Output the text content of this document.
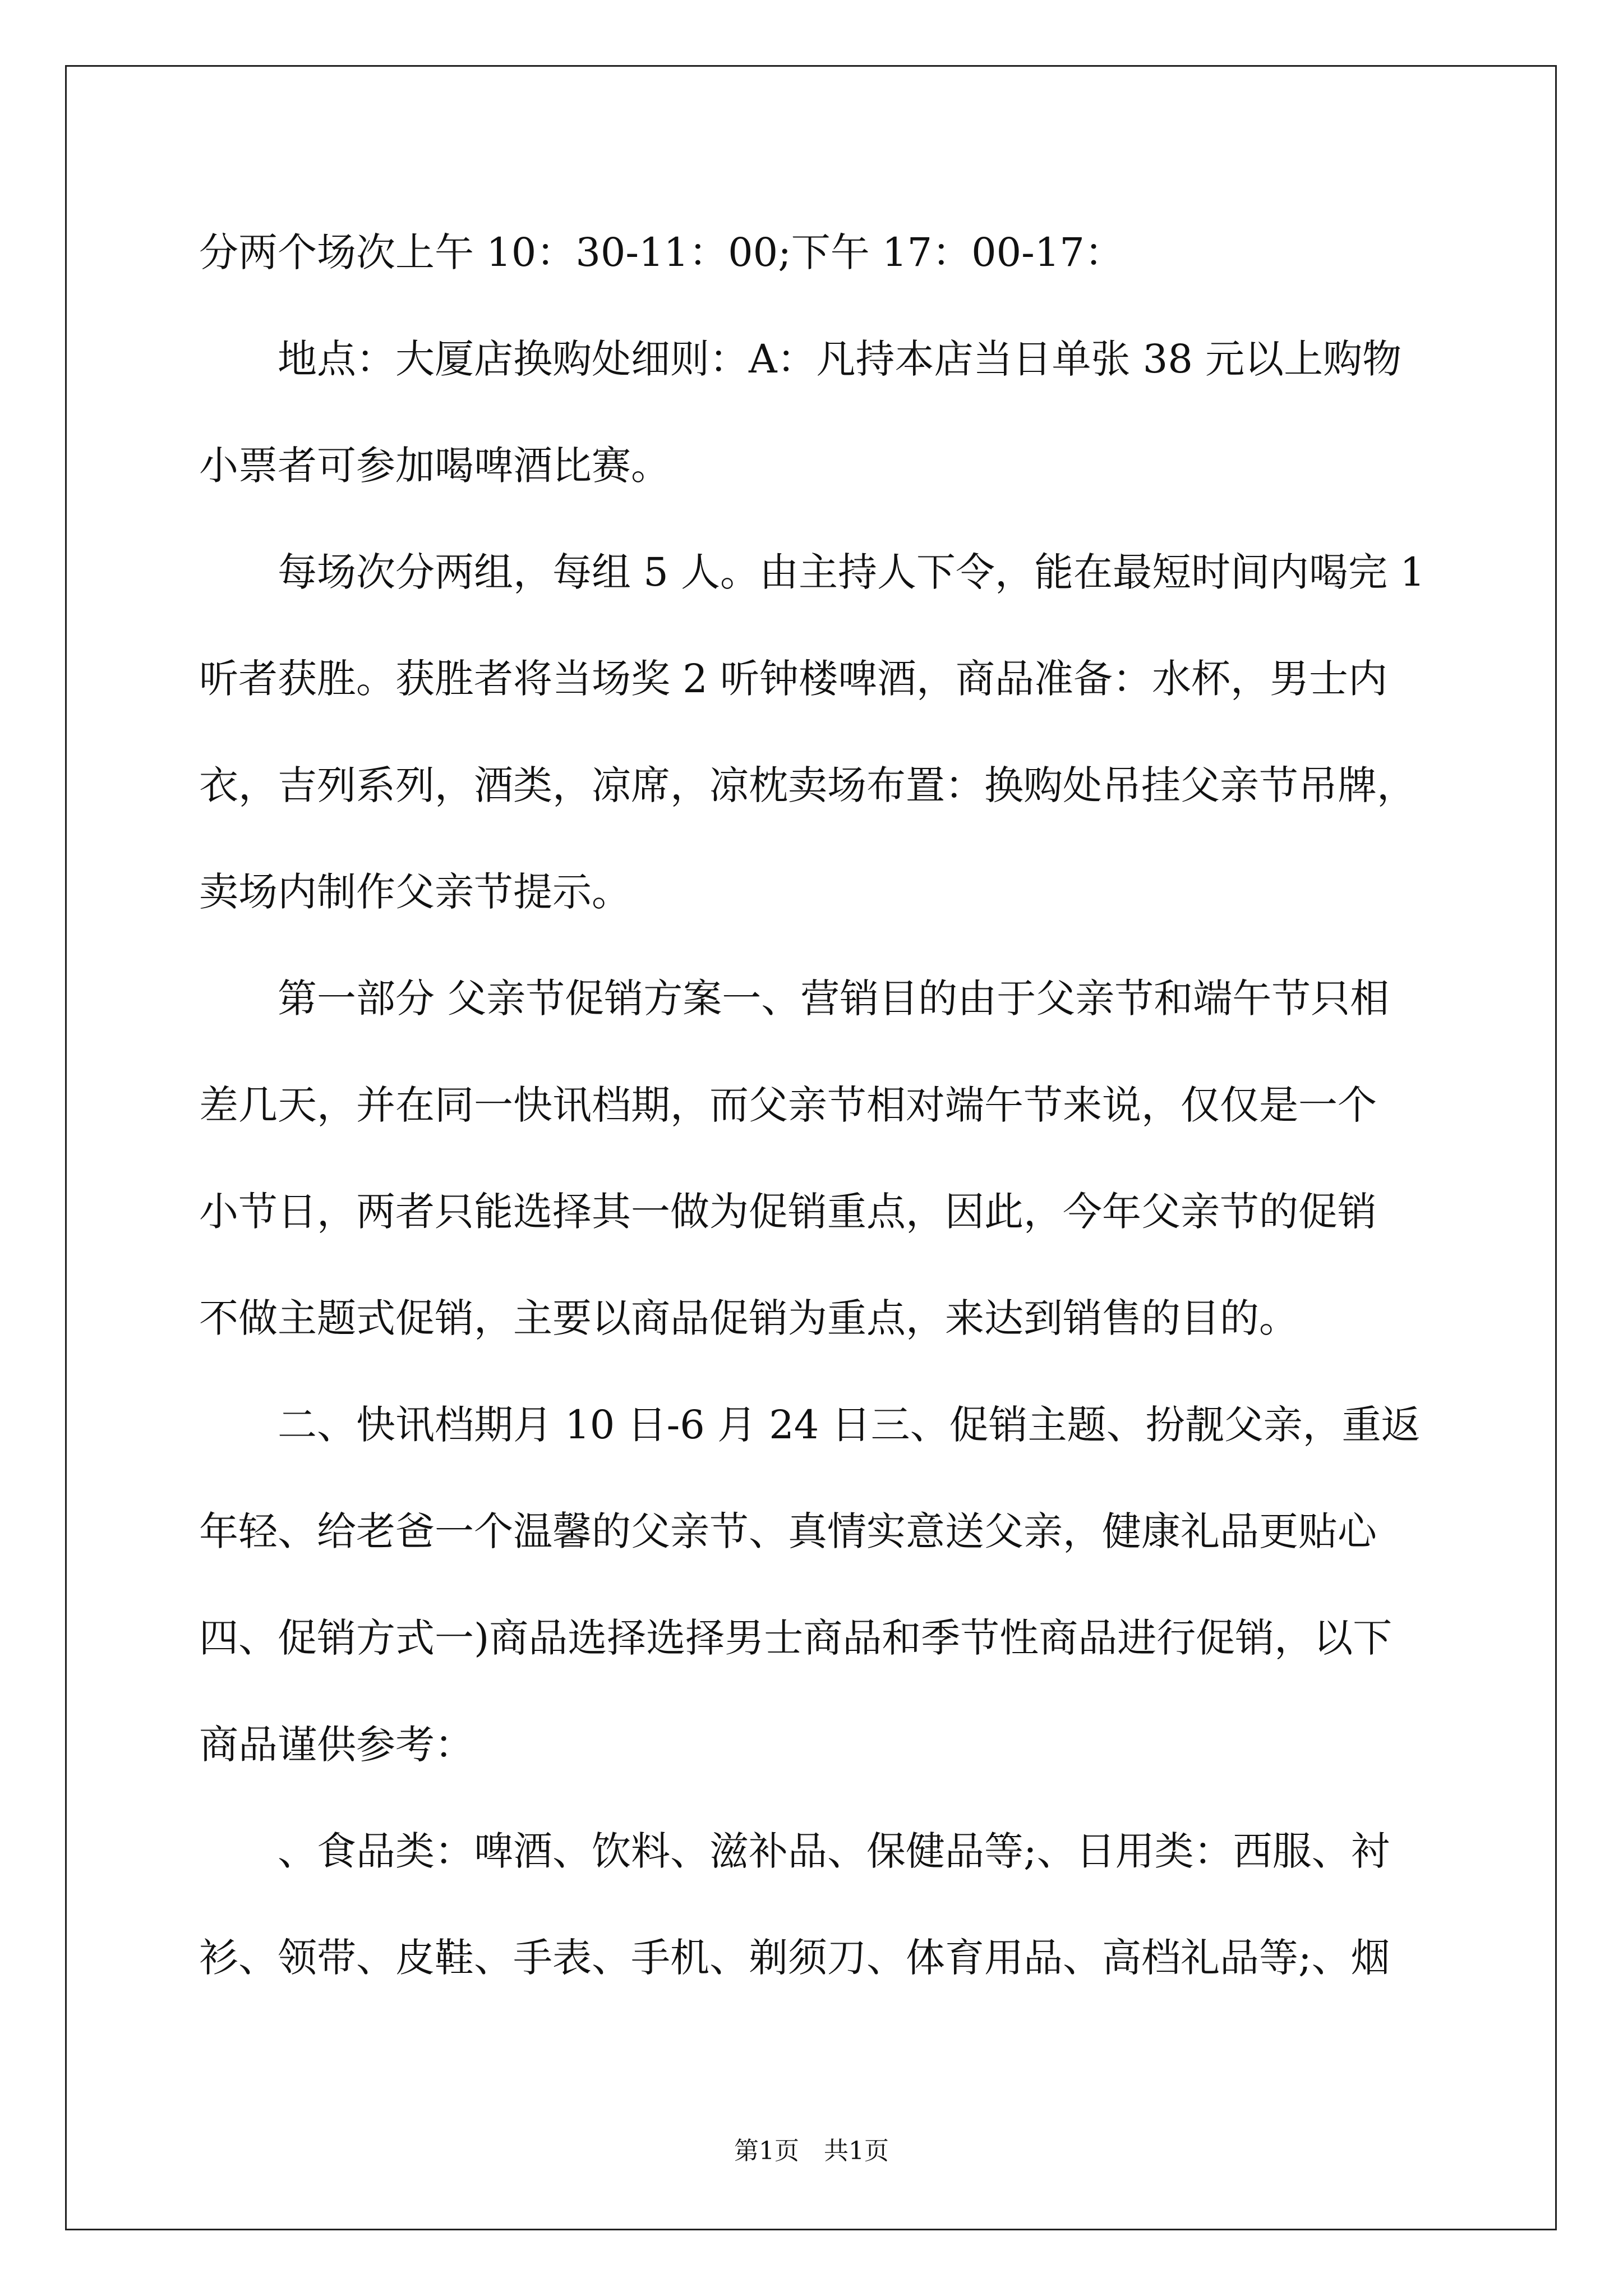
分两个场次上午 10：30-11：00;下午 17：00-17：
地点：大厦店换购处细则：A：凡持本店当日单张 38 元以上购物
小票者可参加喝啤酒比赛。
每场次分两组，每组 5 人。由主持人下令，能在最短时间内喝完 1
听者获胜。获胜者将当场奖 2 听钟楼啤酒，商品准备：水杯，男士内
衣，吉列系列，酒类，凉席，凉枕卖场布置：换购处吊挂父亲节吊牌，
卖场内制作父亲节提示。
第一部分 父亲节促销方案一、营销目的由于父亲节和端午节只相
差几天，并在同一快讯档期，而父亲节相对端午节来说，仅仅是一个
小节日，两者只能选择其一做为促销重点，因此，今年父亲节的促销
不做主题式促销，主要以商品促销为重点，来达到销售的目的。
二、快讯档期月 10 日-6 月 24 日三、促销主题、扮靓父亲，重返
年轻、给老爸一个温馨的父亲节、真情实意送父亲，健康礼品更贴心
四、促销方式一)商品选择选择男士商品和季节性商品进行促销，以下
商品谨供参考：
、食品类：啤酒、饮料、滋补品、保健品等;、日用类：西服、衬
衫、领带、皮鞋、手表、手机、剃须刀、体育用品、高档礼品等;、烟
第1页　共1页
